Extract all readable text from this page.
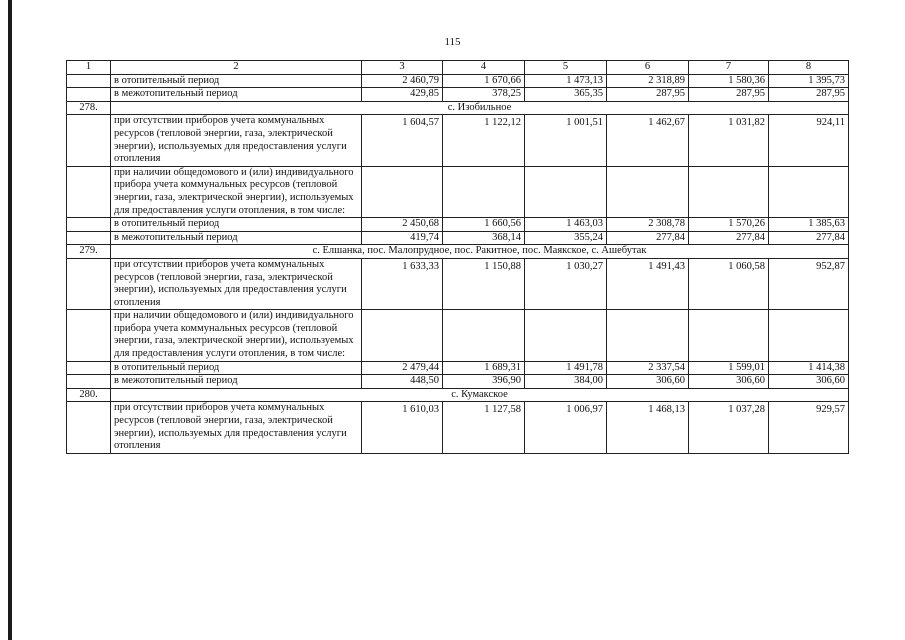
115
1	2	3	4	5	6	7	8
	в отопительный период	2 460,79	1 670,66	1 473,13	2 318,89	1 580,36	1 395,73
	в межотопительный период	429,85	378,25	365,35	287,95	287,95	287,95
278.	с. Изобильное						
	при отсутствии приборов учета коммунальных ресурсов (тепловой энергии, газа, электрической энергии), используемых для предоставления услуги отопления	1 604,57	1 122,12	1 001,51	1 462,67	1 031,82	924,11
	при наличии общедомового и (или) индивидуального прибора учета коммунальных ресурсов (тепловой энергии, газа, электрической энергии), используемых для предоставления услуги отопления, в том числе:						
	в отопительный период	2 450,68	1 660,56	1 463,03	2 308,78	1 570,26	1 385,63
	в межотопительный период	419,74	368,14	355,24	277,84	277,84	277,84
279.	с. Елшанка, пос. Малопрудное, пос. Ракитное, пос. Маякское, с. Ашебутак						
	при отсутствии приборов учета коммунальных ресурсов (тепловой энергии, газа, электрической энергии), используемых для предоставления услуги отопления	1 633,33	1 150,88	1 030,27	1 491,43	1 060,58	952,87
	при наличии общедомового и (или) индивидуального прибора учета коммунальных ресурсов (тепловой энергии, газа, электрической энергии), используемых для предоставления услуги отопления, в том числе:						
	в отопительный период	2 479,44	1 689,31	1 491,78	2 337,54	1 599,01	1 414,38
	в межотопительный период	448,50	396,90	384,00	306,60	306,60	306,60
280.	с. Кумакское						
	при отсутствии приборов учета коммунальных ресурсов (тепловой энергии, газа, электрической энергии), используемых для предоставления услуги отопления	1 610,03	1 127,58	1 006,97	1 468,13	1 037,28	929,57
